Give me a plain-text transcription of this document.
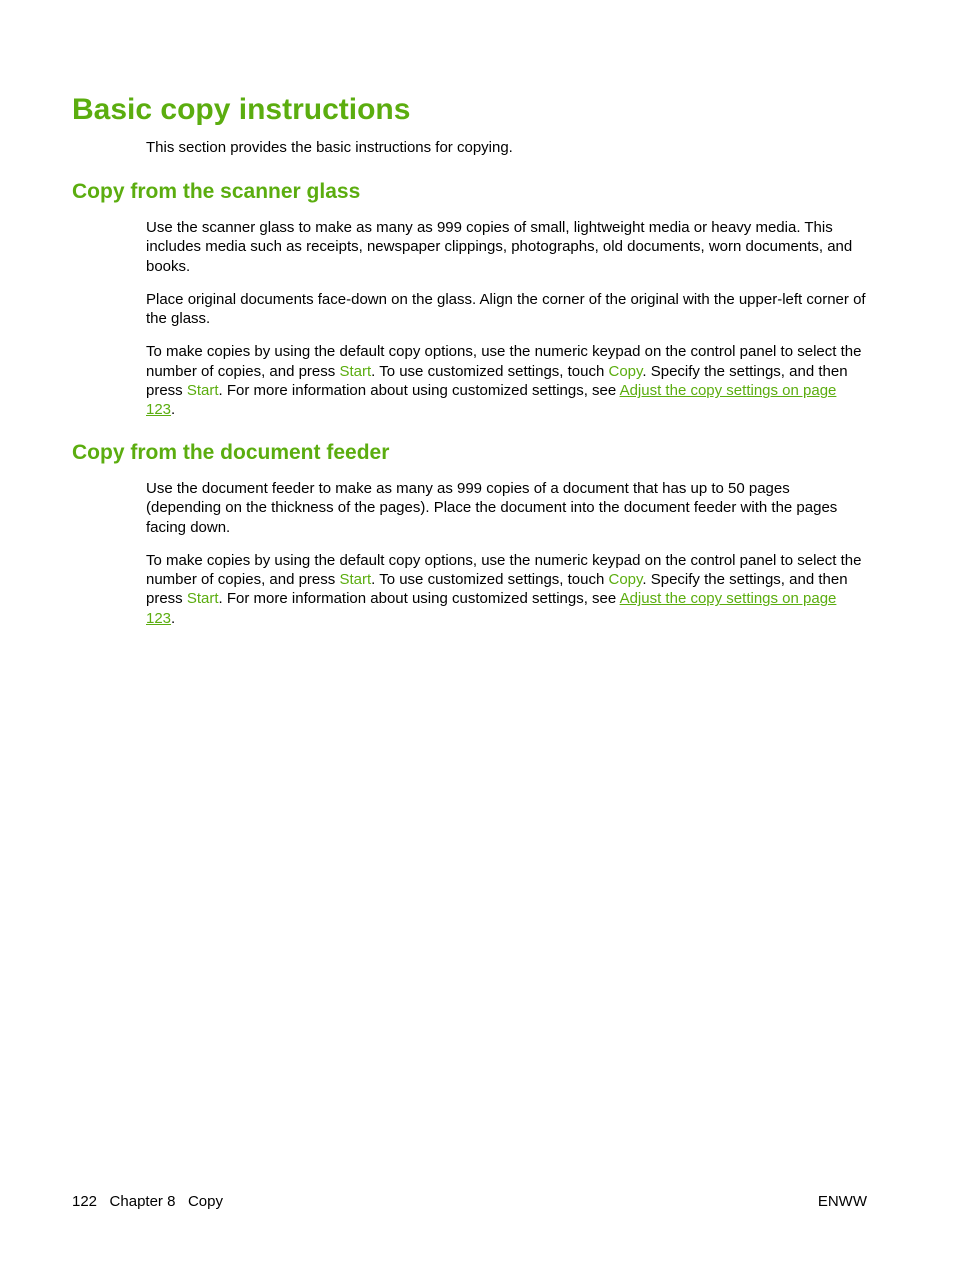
Basic copy instructions

This section provides the basic instructions for copying.

Copy from the scanner glass

Use the scanner glass to make as many as 999 copies of small, lightweight media or heavy media. This includes media such as receipts, newspaper clippings, photographs, old documents, worn documents, and books.

Place original documents face-down on the glass. Align the corner of the original with the upper-left corner of the glass.

To make copies by using the default copy options, use the numeric keypad on the control panel to select the number of copies, and press Start. To use customized settings, touch Copy. Specify the settings, and then press Start. For more information about using customized settings, see Adjust the copy settings on page 123.

Copy from the document feeder

Use the document feeder to make as many as 999 copies of a document that has up to 50 pages (depending on the thickness of the pages). Place the document into the document feeder with the pages facing down.

To make copies by using the default copy options, use the numeric keypad on the control panel to select the number of copies, and press Start. To use customized settings, touch Copy. Specify the settings, and then press Start. For more information about using customized settings, see Adjust the copy settings on page 123.

122 Chapter 8 Copy	ENWW
